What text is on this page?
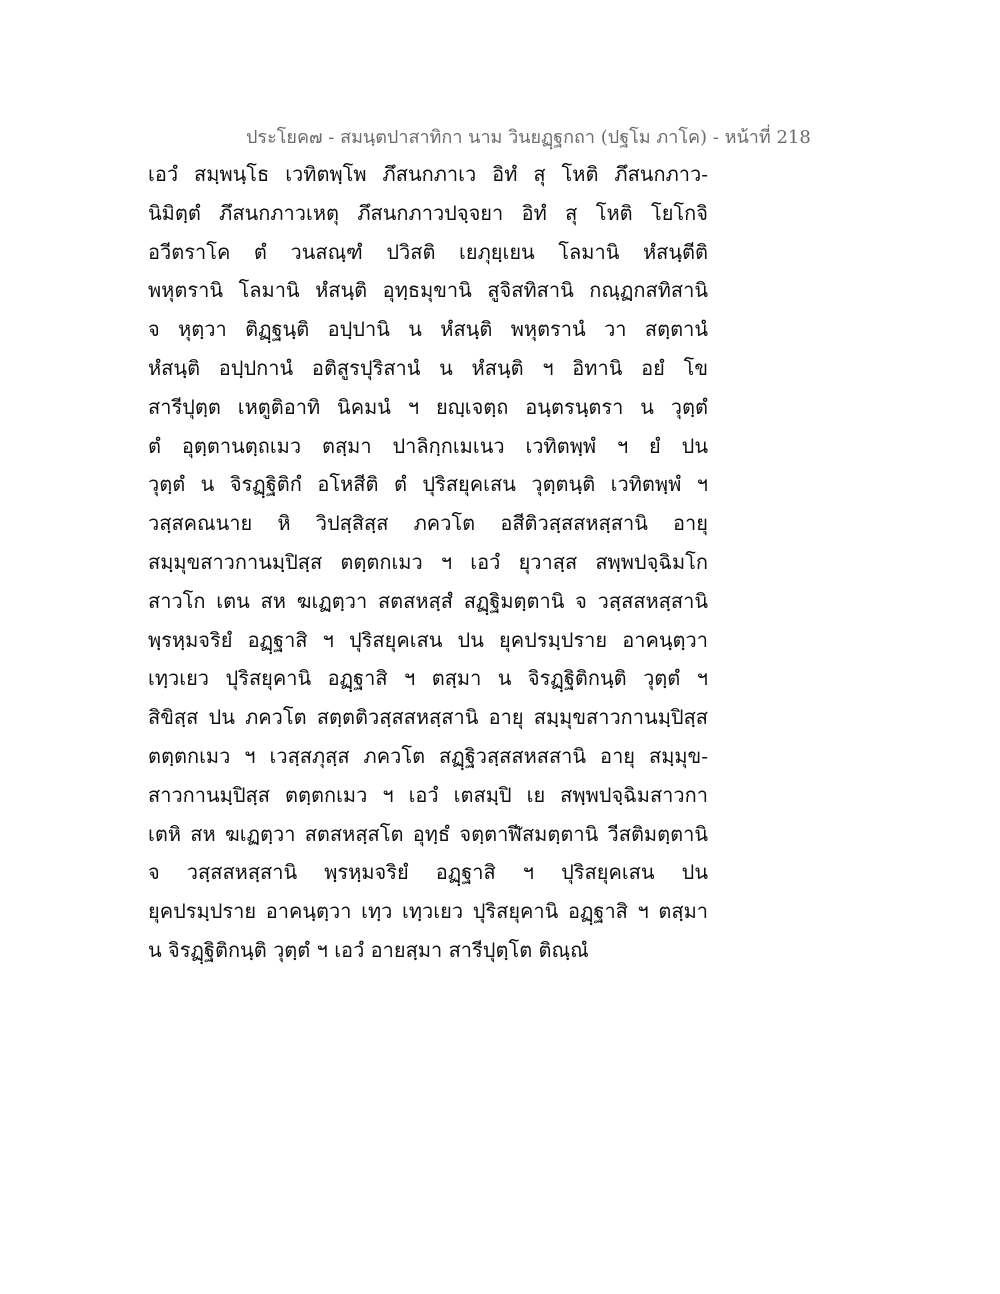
ประโยค๗ - สมนฺตปาสาทิกา นาม วินยฏฺฐกถา (ปฐโม ภาโค) - หน้าที่ 218
เอวํ สมฺพนฺโธ เวทิตพฺโพ ภึสนกภาเว อิทํ สุ โหติ ภึสนกภาว-
นิมิตฺตํ ภึสนกภาวเหตุ ภึสนกภาวปจฺจยา อิทํ สุ โหติ โยโกจิ
อวีตราโค ตํ วนสณฺฑํ ปวิสติ เยภุยฺเยน โลมานิ หํสนฺตีติ
พหุตรานิ โลมานิ หํสนฺติ อุทฺธมุขานิ สูจิสทิสานิ กณฺฏกสทิสานิ
จ หุตฺวา ติฏฺฐนฺติ อปฺปานิ น หํสนฺติ พหุตรานํ วา สตฺตานํ
หํสนฺติ อปฺปกานํ อติสูรปุริสานํ น หํสนฺติ ฯ อิทานิ อยํ โข
สารีปุตฺต เหตูติอาทิ นิคมนํ ฯ ยญฺเจตฺถ อนฺตรนฺตรา น วุตฺตํ
ตํ อุตฺตานตฺถเมว ตสฺมา ปาลิกฺกเมเนว เวทิตพฺพํ ฯ ยํ ปน
วุตฺตํ น จิรฏฺฐิติกํ อโหสีติ ตํ ปุริสยุคเสน วุตฺตนฺติ เวทิตพฺพํ ฯ
วสฺสคณนาย หิ วิปสฺสิสฺส ภควโต อสีติวสฺสสหสฺสานิ อายุ
สมฺมุขสาวกานมฺปิสฺส ตตฺตกเมว ฯ เอวํ ยุวาสฺส สพฺพปจฺฉิมโก
สาวโก เตน สห ฆเฏตฺวา สตสหสฺสํ สฏฺฐิมตฺตานิ จ วสฺสสหสฺสานิ
พฺรหฺมจริยํ อฏฺฐาสิ ฯ ปุริสยุคเสน ปน ยุคปรมฺปราย อาคนฺตฺวา
เทฺวเยว ปุริสยุคานิ อฏฺฐาสิ ฯ ตสฺมา น จิรฏฺฐิติกนฺติ วุตฺตํ ฯ
สิขิสฺส ปน ภควโต สตฺตติวสฺสสหสฺสานิ อายุ สมฺมุขสาวกานมฺปิสฺส
ตตฺตกเมว ฯ เวสฺสภุสฺส ภควโต สฏฺฐิวสฺสสหสสานิ อายุ สมฺมุข-
สาวกานมฺปิสฺส ตตฺตกเมว ฯ เอวํ เตสมฺปิ เย สพฺพปจฺฉิมสาวกา
เตหิ สห ฆเฏตฺวา สตสหสฺสโต อุทฺธํ จตฺตาฬีสมตฺตานิ วีสติมตฺตานิ
จ วสฺสสหสฺสานิ พฺรหฺมจริยํ อฏฺฐาสิ ฯ ปุริสยุคเสน ปน
ยุคปรมฺปราย อาคนฺตฺวา เทฺว เทฺวเยว ปุริสยุคานิ อฏฺฐาสิ ฯ ตสฺมา
น จิรฏฺฐิติกนฺติ วุตฺตํ ฯ เอวํ อายสฺมา สารีปุตฺโต ติณฺณํ
